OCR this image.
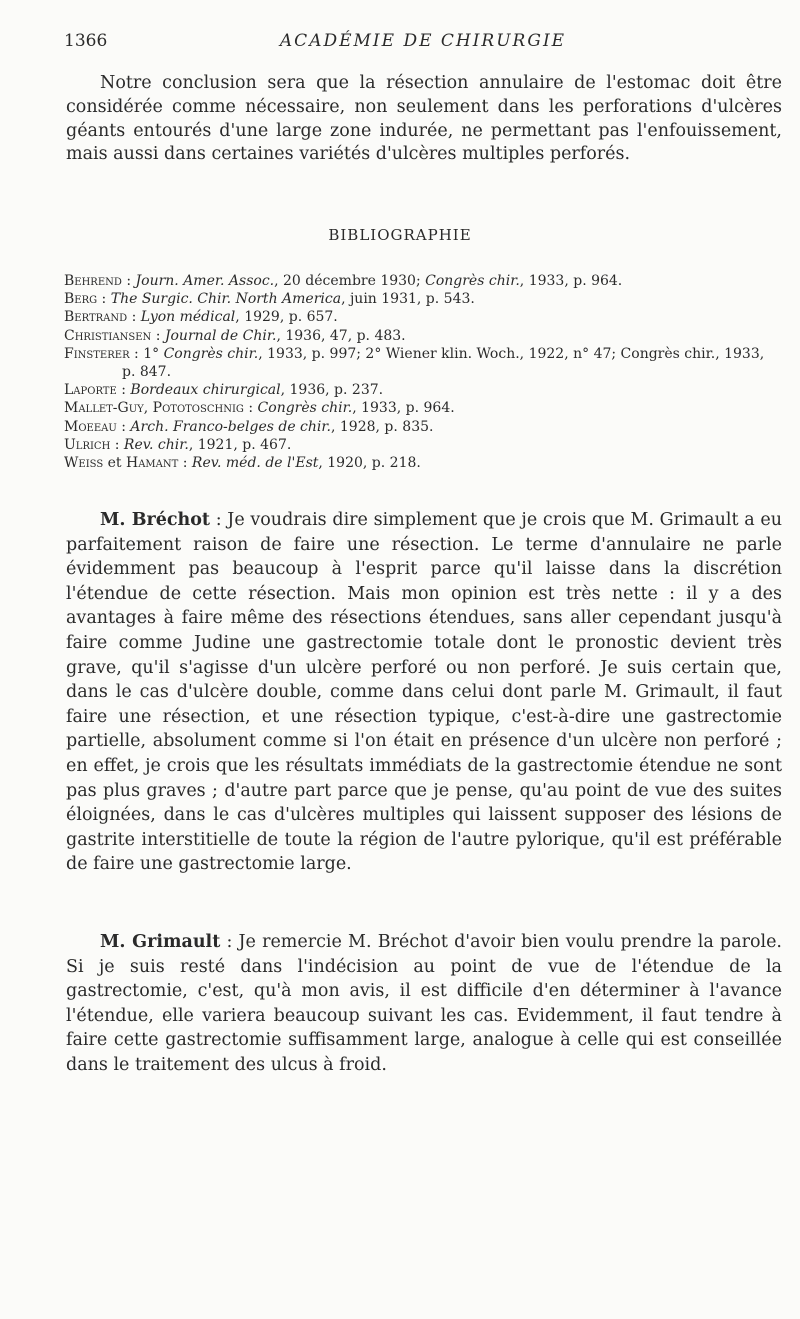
1366	ACADÉMIE DE CHIRURGIE

Notre conclusion sera que la résection annulaire de l'estomac doit être considérée comme nécessaire, non seulement dans les perforations d'ulcères géants entourés d'une large zone indurée, ne permettant pas l'enfouissement, mais aussi dans certaines variétés d'ulcères multiples perforés.

BIBLIOGRAPHIE
Behrend : Journ. Amer. Assoc., 20 décembre 1930; Congrès chir., 1933, p. 964.
Berg : The Surgic. Chir. North America, juin 1931, p. 543.
Bertrand : Lyon médical, 1929, p. 657.
Christiansen : Journal de Chir., 1936, 47, p. 483.
Finsterer : 1° Congrès chir., 1933, p. 997; 2° Wiener klin. Woch., 1922, n° 47; Congrès chir., 1933, p. 847.
Laporte : Bordeaux chirurgical, 1936, p. 237.
Mallet-Guy, Pototoschnig : Congrès chir., 1933, p. 964.
Moeeau : Arch. Franco-belges de chir., 1928, p. 835.
Ulrich : Rev. chir., 1921, p. 467.
Weiss et Hamant : Rev. méd. de l'Est, 1920, p. 218.

M. Bréchot : Je voudrais dire simplement que je crois que M. Grimault a eu parfaitement raison de faire une résection. Le terme d'annulaire ne parle évidemment pas beaucoup à l'esprit parce qu'il laisse dans la discrétion l'étendue de cette résection. Mais mon opinion est très nette : il y a des avantages à faire même des résections étendues, sans aller cependant jusqu'à faire comme Judine une gastrectomie totale dont le pronostic devient très grave, qu'il s'agisse d'un ulcère perforé ou non perforé. Je suis certain que, dans le cas d'ulcère double, comme dans celui dont parle M. Grimault, il faut faire une résection, et une résection typique, c'est-à-dire une gastrectomie partielle, absolument comme si l'on était en présence d'un ulcère non perforé ; en effet, je crois que les résultats immédiats de la gastrectomie étendue ne sont pas plus graves ; d'autre part parce que je pense, qu'au point de vue des suites éloignées, dans le cas d'ulcères multiples qui laissent supposer des lésions de gastrite interstitielle de toute la région de l'autre pylorique, qu'il est préférable de faire une gastrectomie large.

M. Grimault : Je remercie M. Bréchot d'avoir bien voulu prendre la parole. Si je suis resté dans l'indécision au point de vue de l'étendue de la gastrectomie, c'est, qu'à mon avis, il est difficile d'en déterminer à l'avance l'étendue, elle variera beaucoup suivant les cas. Evidemment, il faut tendre à faire cette gastrectomie suffisamment large, analogue à celle qui est conseillée dans le traitement des ulcus à froid.
